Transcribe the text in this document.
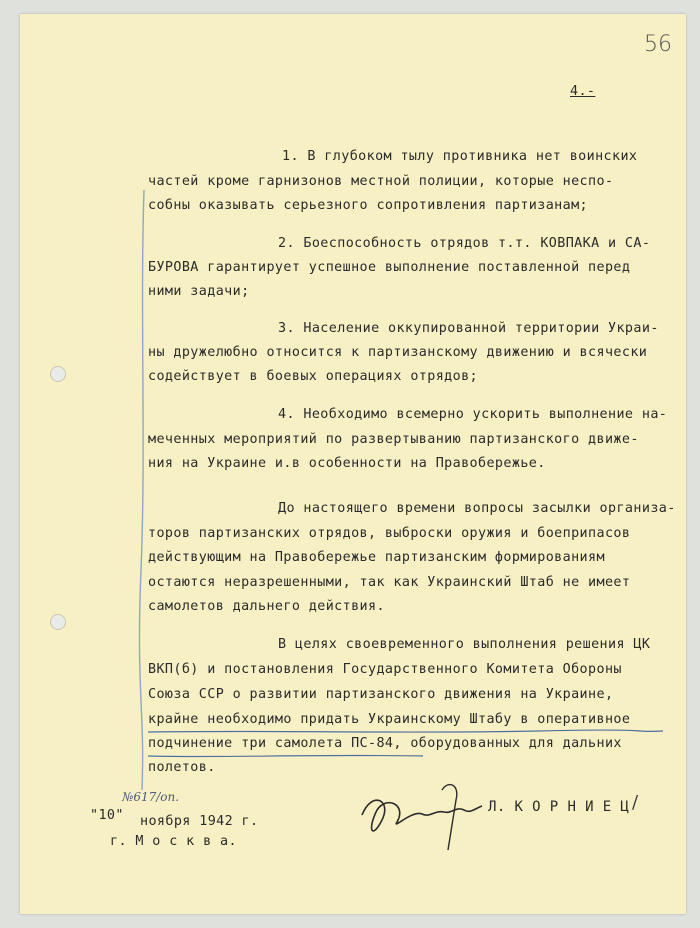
56
4.-
1. В глубоком тылу противника нет воинских
частей кроме гарнизонов местной полиции, которые неспо-
собны оказывать серьезного сопротивления партизанам;
2. Боеспособность отрядов т.т. КОВПАКА и СА-
БУРОВА гарантирует успешное выполнение поставленной перед
ними задачи;
3. Население оккупированной территории Украи-
ны дружелюбно относится к партизанскому движению и всячески
содействует в боевых операциях отрядов;
4. Необходимо всемерно ускорить выполнение на-
меченных мероприятий по развертыванию партизанского движе-
ния на Украине и.в особенности на Правобережье.
До настоящего времени вопросы засылки организа-
торов партизанских отрядов, выброски оружия и боеприпасов
действующим на Правобережье партизанским формированиям
остаются неразрешенными, так как Украинский Штаб не имеет
самолетов дальнего действия.
В целях своевременного выполнения решения ЦК
ВКП(б) и постановления Государственного Комитета Обороны
Союза ССР о развитии партизанского движения на Украине,
крайне необходимо придать Украинскому Штабу в оперативное
подчинение три самолета ПС-84, оборудованных для дальних
полетов.
"10"
№617/оп.
ноября 1942 г.
г. М о с к в а.
Л. К О Р Н И Е Ц /
